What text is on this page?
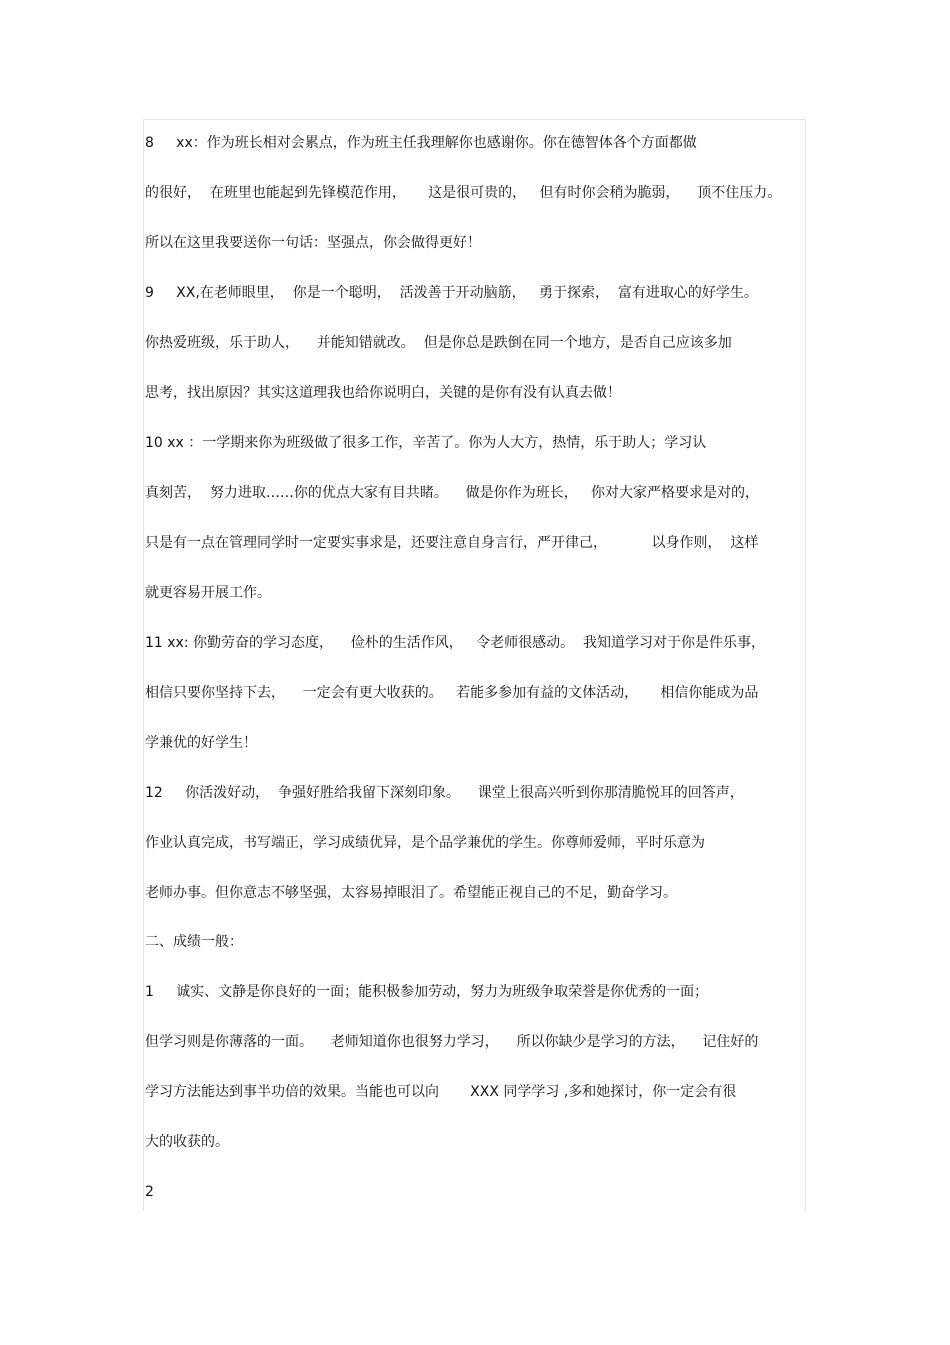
8     xx：作为班长相对会累点，作为班主任我理解你也感谢你。你在德智体各个方面都做
的很好，  在班里也能起到先锋模范作用，     这是很可贵的，   但有时你会稍为脆弱，    顶不住压力。
所以在这里我要送你一句话：坚强点，你会做得更好！
9     XX,在老师眼里，  你是一个聪明，  活泼善于开动脑筋，   勇于探索，  富有进取心的好学生。
你热爱班级，乐于助人，    并能知错就改。  但是你总是跌倒在同一个地方，是否自己应该多加
思考，找出原因？其实这道理我也给你说明白，关键的是你有没有认真去做！
10 xx ：一学期来你为班级做了很多工作，辛苦了。你为人大方，热情，乐于助人；学习认
真刻苦，  努力进取……你的优点大家有目共睹。    做是你作为班长，   你对大家严格要求是对的，
只是有一点在管理同学时一定要实事求是，还要注意自身言行，严开律己，          以身作则，  这样
就更容易开展工作。
11 xx: 你勤劳奋的学习态度，    俭朴的生活作风，   令老师很感动。  我知道学习对于你是件乐事，
相信只要你坚持下去，    一定会有更大收获的。   若能多参加有益的文体活动，     相信你能成为品
学兼优的好学生！
12     你活泼好动，  争强好胜给我留下深刻印象。    课堂上很高兴听到你那清脆悦耳的回答声，
作业认真完成，书写端正，学习成绩优异，是个品学兼优的学生。你尊师爱师，平时乐意为
老师办事。但你意志不够坚强，太容易掉眼泪了。希望能正视自己的不足，勤奋学习。
二、成绩一般：
1     诚实、文静是你良好的一面；能积极参加劳动，努力为班级争取荣誉是你优秀的一面；
但学习则是你薄落的一面。    老师知道你也很努力学习，    所以你缺少是学习的方法，    记住好的
学习方法能达到事半功倍的效果。当能也可以向       XXX 同学学习 ,多和她探讨，你一定会有很
大的收获的。
2
